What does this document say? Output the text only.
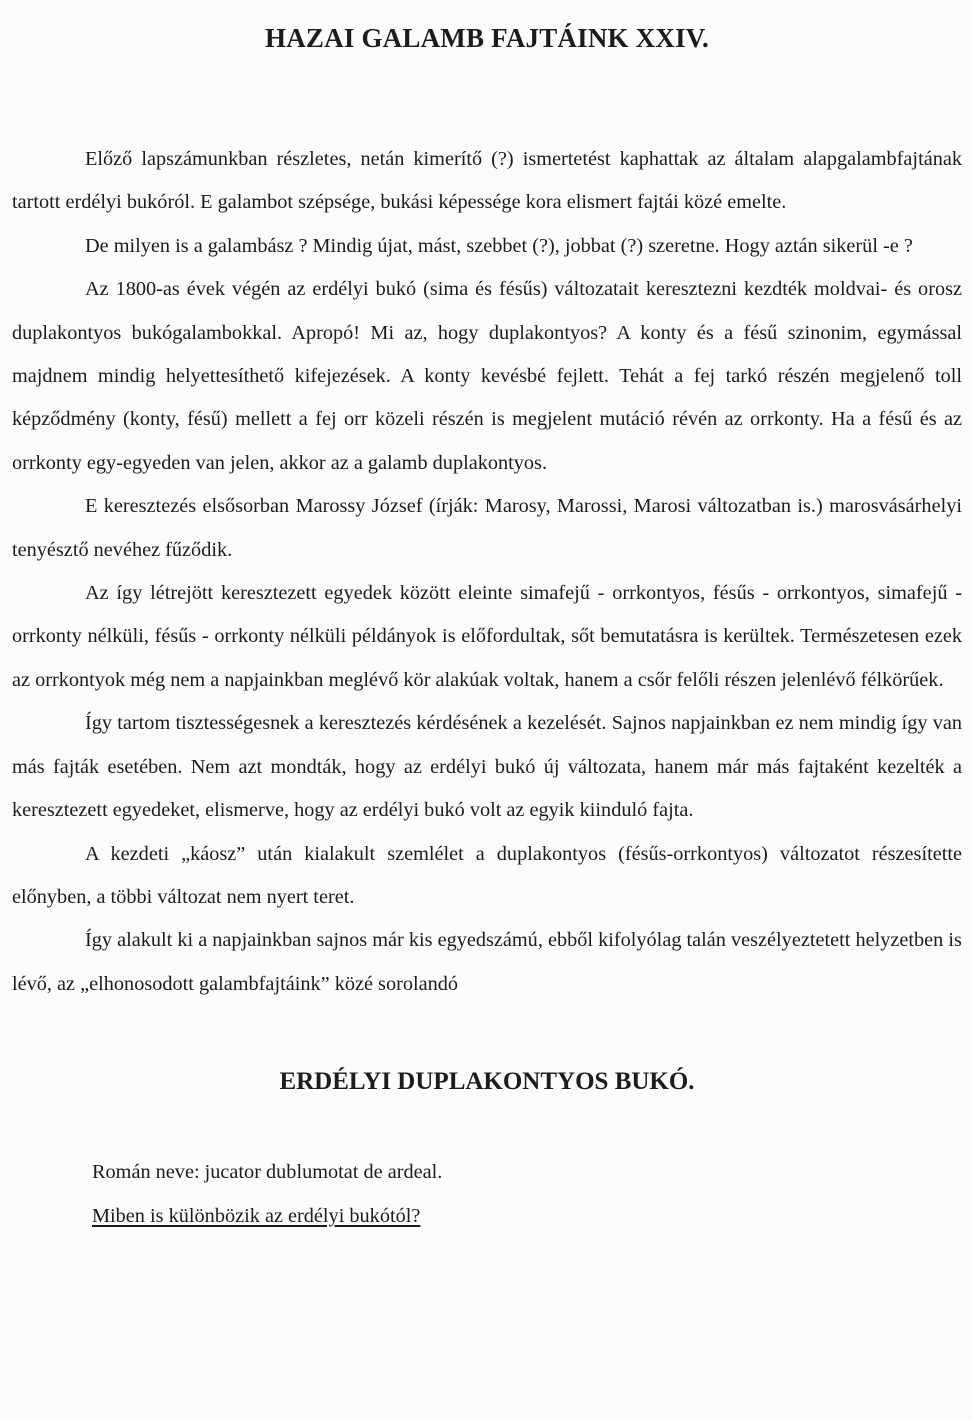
HAZAI GALAMB FAJTÁINK XXIV.

Előző lapszámunkban részletes, netán kimerítő (?) ismertetést kaphattak az általam alapgalambfajtának tartott erdélyi bukóról. E galambot szépsége, bukási képessége kora elismert fajtái közé emelte.

De milyen is a galambász ? Mindig újat, mást, szebbet (?), jobbat (?) szeretne. Hogy aztán sikerül -e ?

Az 1800-as évek végén az erdélyi bukó (sima és fésűs) változatait keresztezni kezdték moldvai- és orosz duplakontyos bukógalambokkal. Apropó! Mi az, hogy duplakontyos? A konty és a fésű szinonim, egymással majdnem mindig helyettesíthető kifejezések. A konty kevésbé fejlett. Tehát a fej tarkó részén megjelenő toll képződmény (konty, fésű) mellett a fej orr közeli részén is megjelent mutáció révén az orrkonty. Ha a fésű és az orrkonty egy-egyeden van jelen, akkor az a galamb duplakontyos.

E keresztezés elsősorban Marossy József (írják: Marosy, Marossi, Marosi változatban is.) marosvásárhelyi tenyésztő nevéhez fűződik.

Az így létrejött keresztezett egyedek között eleinte simafejű - orrkontyos, fésűs - orrkontyos, simafejű - orrkonty nélküli, fésűs - orrkonty nélküli példányok is előfordultak, sőt bemutatásra is kerültek. Természetesen ezek az orrkontyok még nem a napjainkban meglévő kör alakúak voltak, hanem a csőr felőli részen jelenlévő félkörűek.

Így tartom tisztességesnek a keresztezés kérdésének a kezelését. Sajnos napjainkban ez nem mindig így van más fajták esetében. Nem azt mondták, hogy az erdélyi bukó új változata, hanem már más fajtaként kezelték a keresztezett egyedeket, elismerve, hogy az erdélyi bukó volt az egyik kiinduló fajta.

A kezdeti „káosz” után kialakult szemlélet a duplakontyos (fésűs-orrkontyos) változatot részesítette előnyben, a többi változat nem nyert teret.

Így alakult ki a napjainkban sajnos már kis egyedszámú, ebből kifolyólag talán veszélyeztetett helyzetben is lévő, az „elhonosodott galambfajtáink” közé sorolandó

ERDÉLYI DUPLAKONTYOS BUKÓ.
Román neve: jucator dublumotat de ardeal.
Miben is különbözik az erdélyi bukótól?
